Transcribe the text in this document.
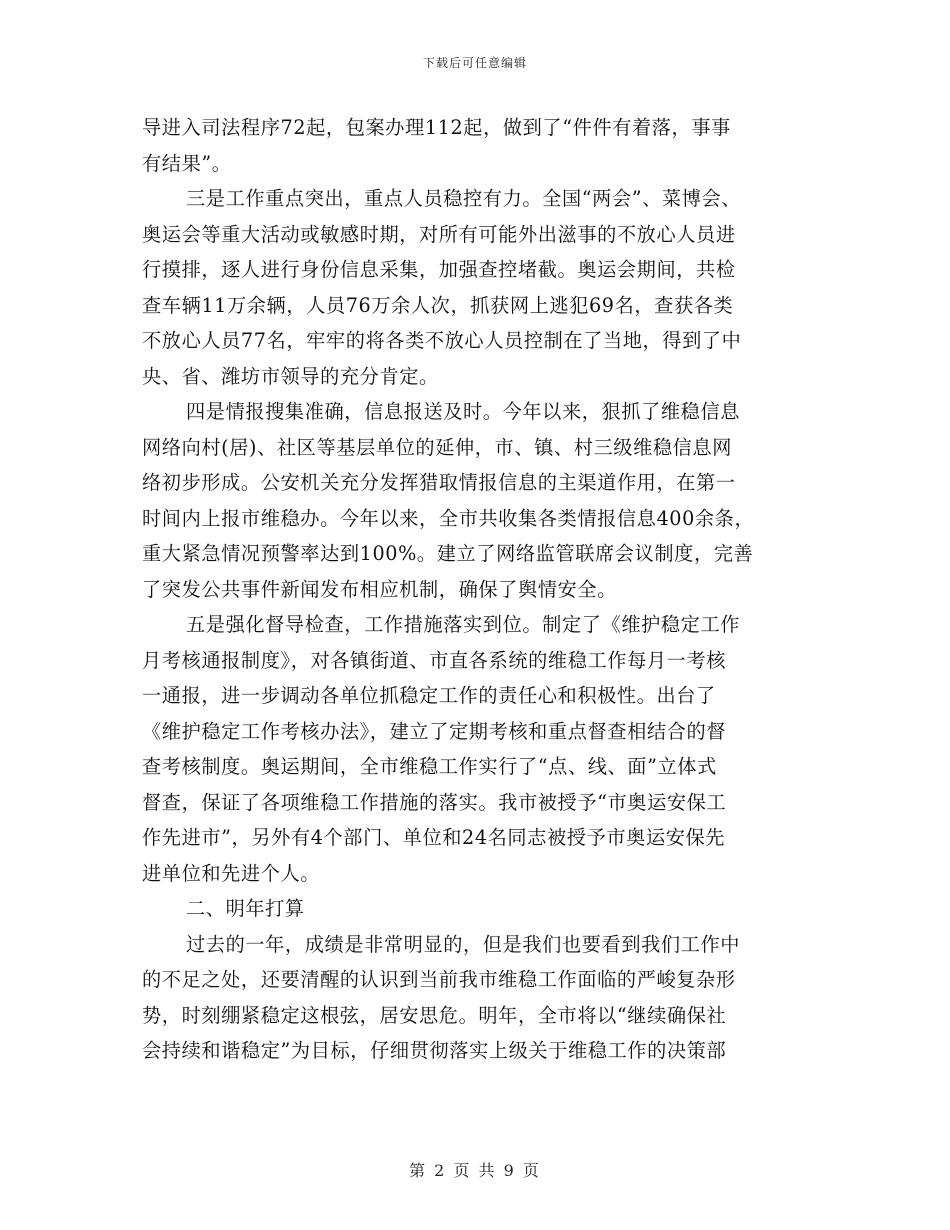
下载后可任意编辑
导进入司法程序72起，包案办理112起，做到了“件件有着落，事事
有结果”。
三是工作重点突出，重点人员稳控有力。全国“两会”、菜博会、
奥运会等重大活动或敏感时期，对所有可能外出滋事的不放心人员进
行摸排，逐人进行身份信息采集，加强查控堵截。奥运会期间，共检
查车辆11万余辆，人员76万余人次，抓获网上逃犯69名，查获各类
不放心人员77名，牢牢的将各类不放心人员控制在了当地，得到了中
央、省、潍坊市领导的充分肯定。
四是情报搜集准确，信息报送及时。今年以来，狠抓了维稳信息
网络向村(居)、社区等基层单位的延伸，市、镇、村三级维稳信息网
络初步形成。公安机关充分发挥猎取情报信息的主渠道作用，在第一
时间内上报市维稳办。今年以来，全市共收集各类情报信息400余条，
重大紧急情况预警率达到100%。建立了网络监管联席会议制度，完善
了突发公共事件新闻发布相应机制，确保了舆情安全。
五是强化督导检查，工作措施落实到位。制定了《维护稳定工作
月考核通报制度》，对各镇街道、市直各系统的维稳工作每月一考核
一通报，进一步调动各单位抓稳定工作的责任心和积极性。出台了
《维护稳定工作考核办法》，建立了定期考核和重点督查相结合的督
查考核制度。奥运期间，全市维稳工作实行了“点、线、面”立体式
督查，保证了各项维稳工作措施的落实。我市被授予“市奥运安保工
作先进市”，另外有4个部门、单位和24名同志被授予市奥运安保先
进单位和先进个人。
二、明年打算
过去的一年，成绩是非常明显的，但是我们也要看到我们工作中
的不足之处，还要清醒的认识到当前我市维稳工作面临的严峻复杂形
势，时刻绷紧稳定这根弦，居安思危。明年，全市将以“继续确保社
会持续和谐稳定”为目标，仔细贯彻落实上级关于维稳工作的决策部
第 2 页 共 9 页
